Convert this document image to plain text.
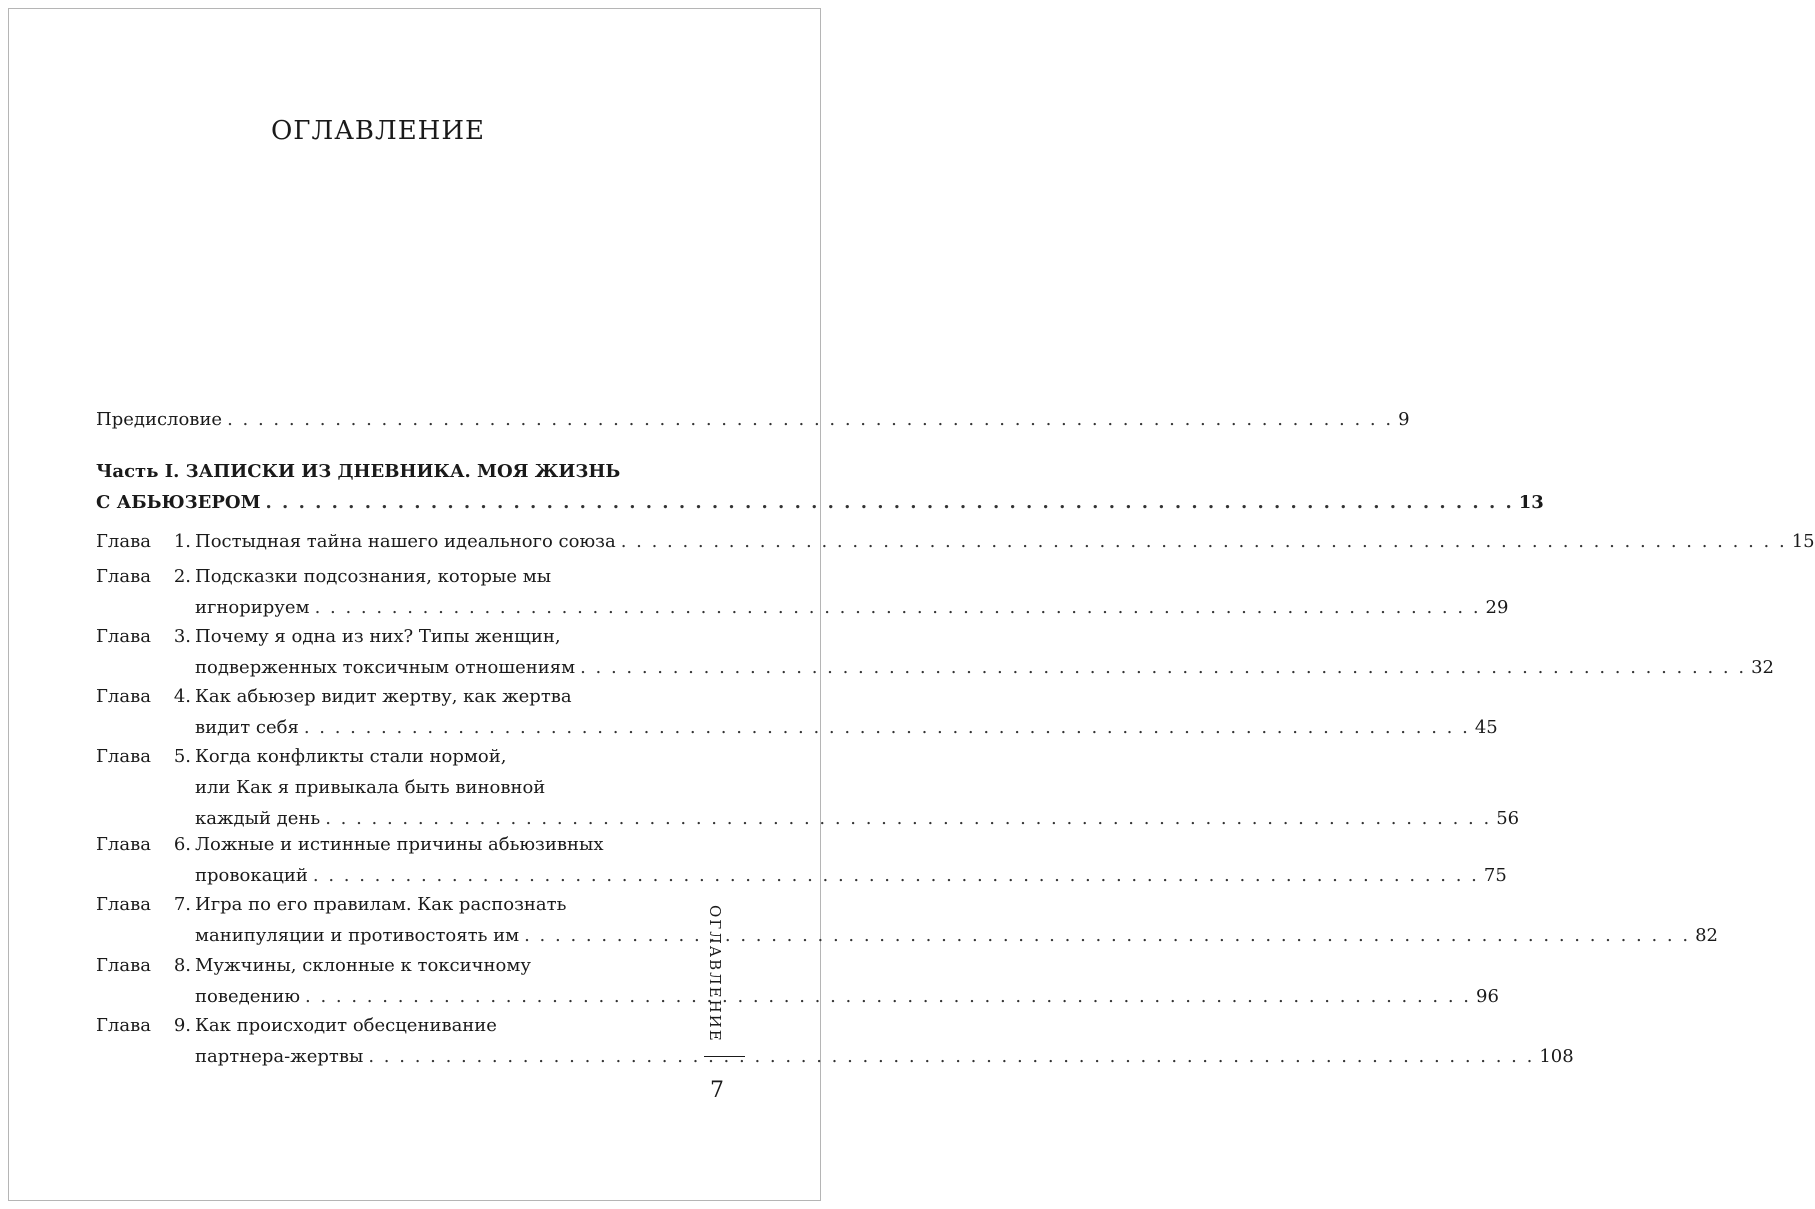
ОГЛАВЛЕНИЕ
Предисловие . . . . . . . . . . . . . . . . . . . . . . . . . . . . . . . . . . . . . . . . . . . . . . . . . . . . . . . . . . . . . . . . . . . . . . . . . . . . 9
Часть I. ЗАПИСКИ ИЗ ДНЕВНИКА. МОЯ ЖИЗНЬ
С АБЬЮЗЕРОМ . . . . . . . . . . . . . . . . . . . . . . . . . . . . . . . . . . . . . . . . . . . . . . . . . . . . . . . . . . . . . . . . . . . . . . . . . . . . 13
Глава	1. Постыдная тайна нашего идеального союза . . . . . . . . . . . . . . . . . . . . . . . . . . . . . . . . . . . . . . . . . . . . . . . . . . . . . . . . . . . . . . . . . . . . . . . . . . . . 15
Глава	2. Подсказки подсознания, которые мы
игнорируем . . . . . . . . . . . . . . . . . . . . . . . . . . . . . . . . . . . . . . . . . . . . . . . . . . . . . . . . . . . . . . . . . . . . . . . . . . . . 29
Глава	3. Почему я одна из них? Типы женщин,
подверженных токсичным отношениям . . . . . . . . . . . . . . . . . . . . . . . . . . . . . . . . . . . . . . . . . . . . . . . . . . . . . . . . . . . . . . . . . . . . . . . . . . . . 32
Глава	4. Как абьюзер видит жертву, как жертва
видит себя . . . . . . . . . . . . . . . . . . . . . . . . . . . . . . . . . . . . . . . . . . . . . . . . . . . . . . . . . . . . . . . . . . . . . . . . . . . . 45
Глава	5. Когда конфликты стали нормой,
или Как я привыкала быть виновной
каждый день . . . . . . . . . . . . . . . . . . . . . . . . . . . . . . . . . . . . . . . . . . . . . . . . . . . . . . . . . . . . . . . . . . . . . . . . . . . . 56
Глава	6. Ложные и истинные причины абьюзивных
провокаций . . . . . . . . . . . . . . . . . . . . . . . . . . . . . . . . . . . . . . . . . . . . . . . . . . . . . . . . . . . . . . . . . . . . . . . . . . . . 75
Глава	7. Игра по его правилам. Как распознать
манипуляции и противостоять им . . . . . . . . . . . . . . . . . . . . . . . . . . . . . . . . . . . . . . . . . . . . . . . . . . . . . . . . . . . . . . . . . . . . . . . . . . . . 82
Глава	8. Мужчины, склонные к токсичному
поведению . . . . . . . . . . . . . . . . . . . . . . . . . . . . . . . . . . . . . . . . . . . . . . . . . . . . . . . . . . . . . . . . . . . . . . . . . . . . 96
Глава	9. Как происходит обесценивание
партнера-жертвы . . . . . . . . . . . . . . . . . . . . . . . . . . . . . . . . . . . . . . . . . . . . . . . . . . . . . . . . . . . . . . . . . . . . . . . . . . . . 108
ОГЛАВЛЕНИЕ
7
